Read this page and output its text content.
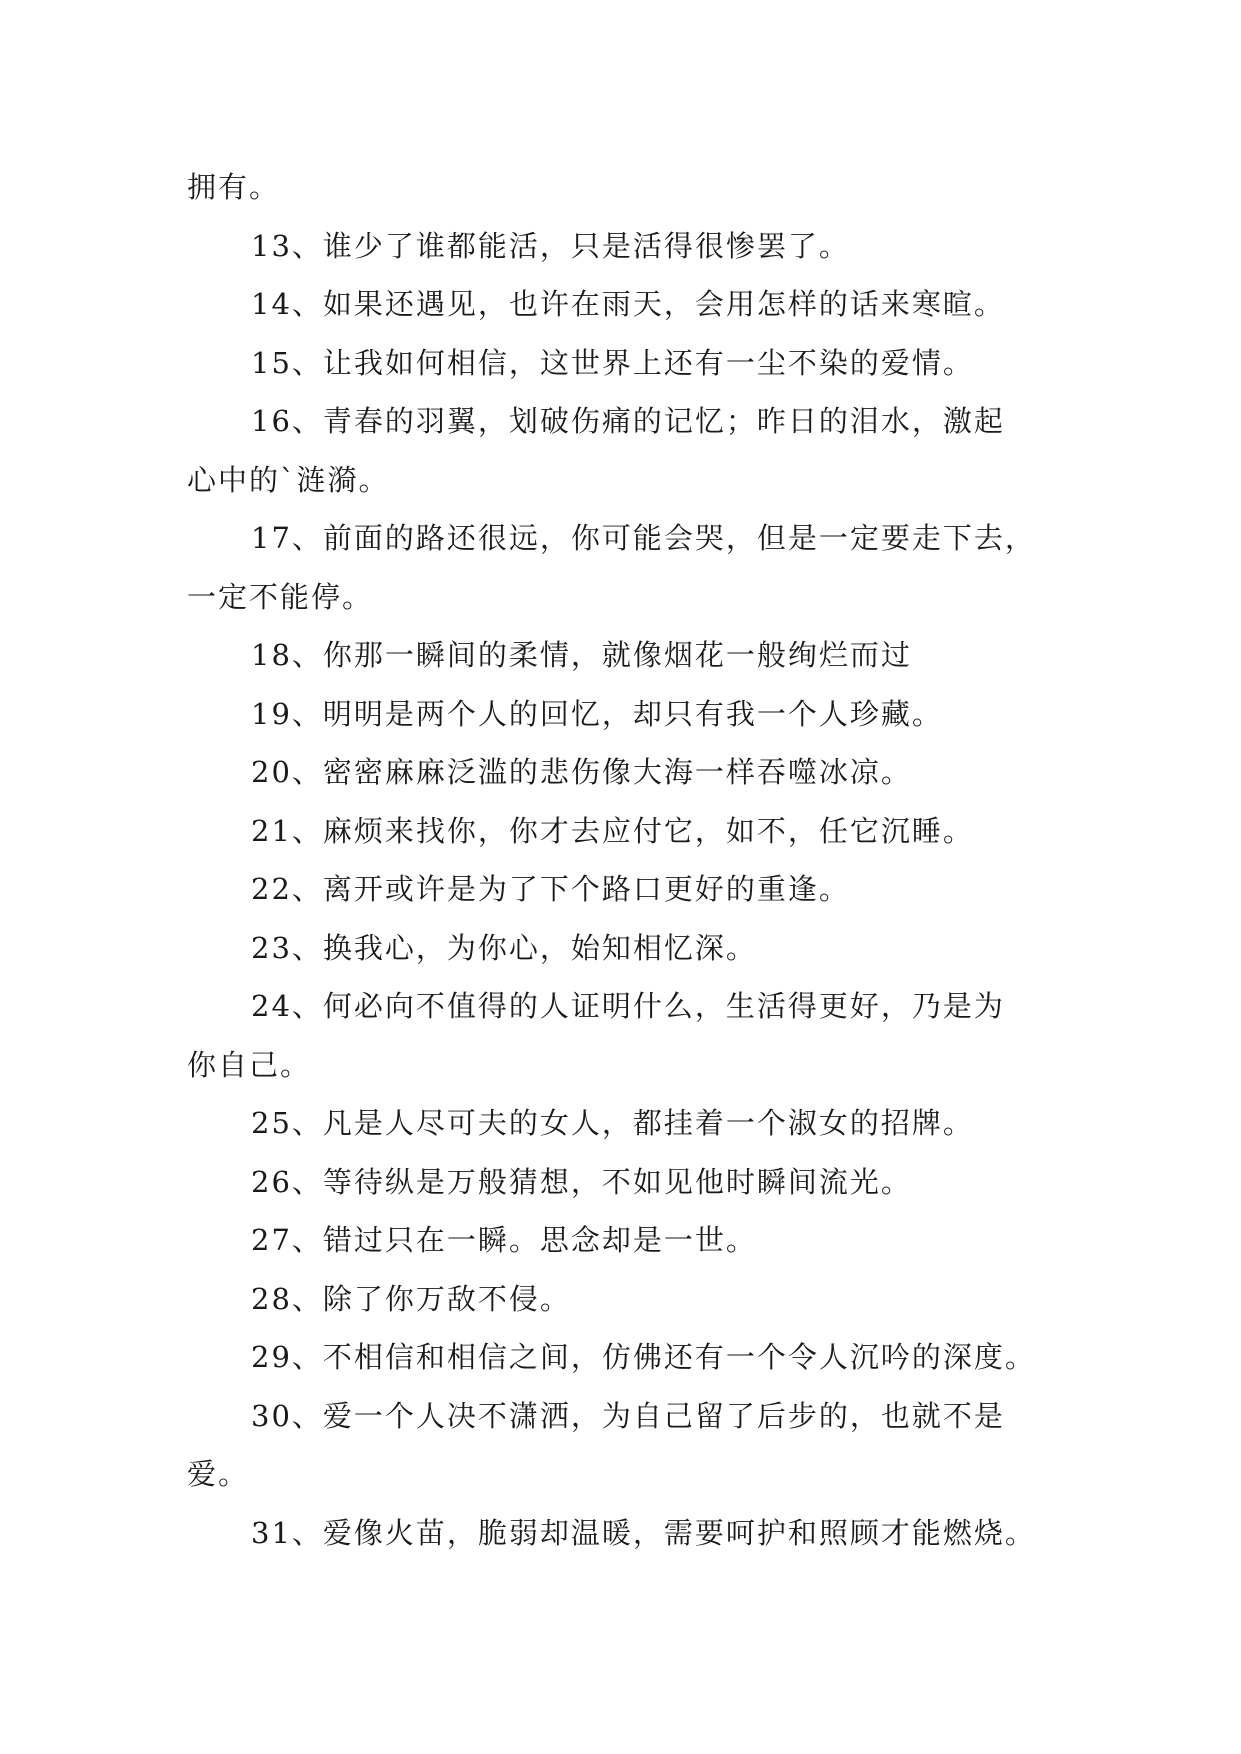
拥有。
13、谁少了谁都能活，只是活得很惨罢了。
14、如果还遇见，也许在雨天，会用怎样的话来寒暄。
15、让我如何相信，这世界上还有一尘不染的爱情。
16、青春的羽翼，划破伤痛的记忆；昨日的泪水，激起
心中的`涟漪。
17、前面的路还很远，你可能会哭，但是一定要走下去，
一定不能停。
18、你那一瞬间的柔情，就像烟花一般绚烂而过
19、明明是两个人的回忆，却只有我一个人珍藏。
20、密密麻麻泛滥的悲伤像大海一样吞噬冰凉。
21、麻烦来找你，你才去应付它，如不，任它沉睡。
22、离开或许是为了下个路口更好的重逢。
23、换我心，为你心，始知相忆深。
24、何必向不值得的人证明什么，生活得更好，乃是为
你自己。
25、凡是人尽可夫的女人，都挂着一个淑女的招牌。
26、等待纵是万般猜想，不如见他时瞬间流光。
27、错过只在一瞬。思念却是一世。
28、除了你万敌不侵。
29、不相信和相信之间，仿佛还有一个令人沉吟的深度。
30、爱一个人决不潇洒，为自己留了后步的，也就不是
爱。
31、爱像火苗，脆弱却温暖，需要呵护和照顾才能燃烧。
